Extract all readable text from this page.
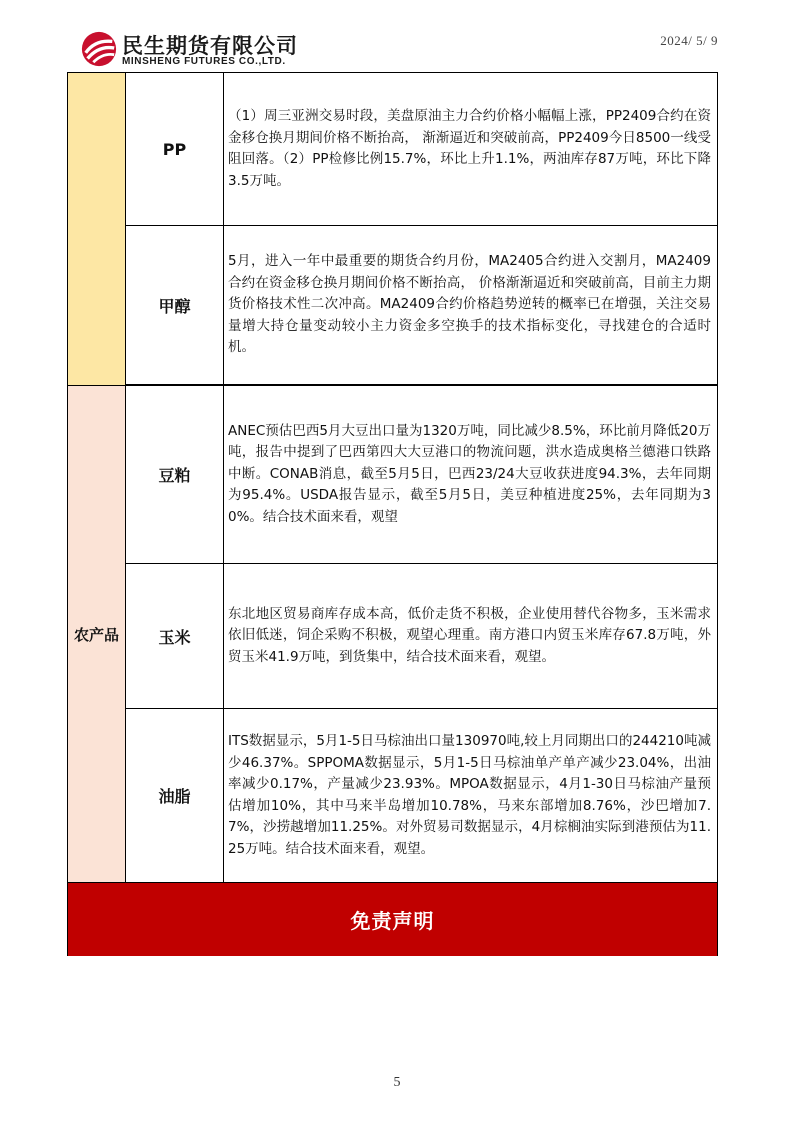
民生期货有限公司
MINSHENG FUTURES CO.,LTD.
2024/ 5/ 9
农产品
PP
（1）周三亚洲交易时段，美盘原油主力合约价格小幅幅上涨，PP2409合约在资金移仓换月期间价格不断抬高， 渐渐逼近和突破前高，PP2409今日8500一线受阻回落。（2）PP检修比例15.7%，环比上升1.1%，两油库存87万吨，环比下降3.5万吨。
甲醇
5月，进入一年中最重要的期货合约月份，MA2405合约进入交割月，MA2409合约在资金移仓换月期间价格不断抬高， 价格渐渐逼近和突破前高，目前主力期货价格技术性二次冲高。MA2409合约价格趋势逆转的概率已在增强，关注交易量增大持仓量变动较小主力资金多空换手的技术指标变化，寻找建仓的合适时机。
豆粕
ANEC预估巴西5月大豆出口量为1320万吨，同比减少8.5%，环比前月降低20万吨，报告中提到了巴西第四大大豆港口的物流问题，洪水造成奥格兰德港口铁路中断。CONAB消息，截至5月5日，巴西23/24大豆收获进度94.3%，去年同期为95.4%。USDA报告显示，截至5月5日，美豆种植进度25%，去年同期为30%。结合技术面来看，观望
玉米
东北地区贸易商库存成本高，低价走货不积极，企业使用替代谷物多，玉米需求依旧低迷，饲企采购不积极，观望心理重。南方港口内贸玉米库存67.8万吨，外贸玉米41.9万吨，到货集中，结合技术面来看，观望。
油脂
ITS数据显示，5月1-5日马棕油出口量130970吨,较上月同期出口的244210吨减少46.37%。SPPOMA数据显示，5月1-5日马棕油单产单产减少23.04%，出油率减少0.17%，产量减少23.93%。MPOA数据显示，4月1-30日马棕油产量预估增加10%，其中马来半岛增加10.78%，马来东部增加8.76%，沙巴增加7.7%，沙捞越增加11.25%。对外贸易司数据显示，4月棕榈油实际到港预估为11.25万吨。结合技术面来看，观望。
免责声明
5
